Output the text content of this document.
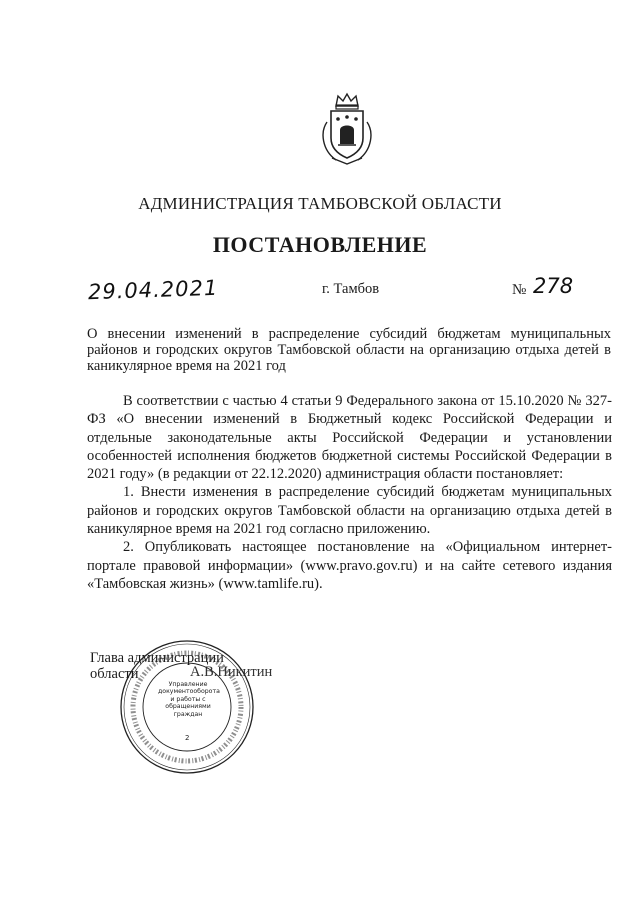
АДМИНИСТРАЦИЯ ТАМБОВСКОЙ ОБЛАСТИ
ПОСТАНОВЛЕНИЕ
29.04.2021	г. Тамбов	№ 278
О внесении изменений в распределение субсидий бюджетам муниципальных районов и городских округов Тамбовской области на организацию отдыха детей в каникулярное время на 2021 год

В соответствии с частью 4 статьи 9 Федерального закона от 15.10.2020 № 327-ФЗ «О внесении изменений в Бюджетный кодекс Российской Федерации и отдельные законодательные акты Российской Федерации и установлении особенностей исполнения бюджетов бюджетной системы Российской Федерации в 2021 году» (в редакции от 22.12.2020) администрация области постановляет:

1. Внести изменения в распределение субсидий бюджетам муниципальных районов и городских округов Тамбовской области на организацию отдыха детей в каникулярное время на 2021 год согласно приложению.

2. Опубликовать настоящее постановление на «Официальном интернет-портале правовой информации» (www.pravo.gov.ru) и на сайте сетевого издания «Тамбовская жизнь» (www.tamlife.ru).

Глава администрации
области	А.В.Никитин
Управление документооборота и работы с обращениями граждан
2
